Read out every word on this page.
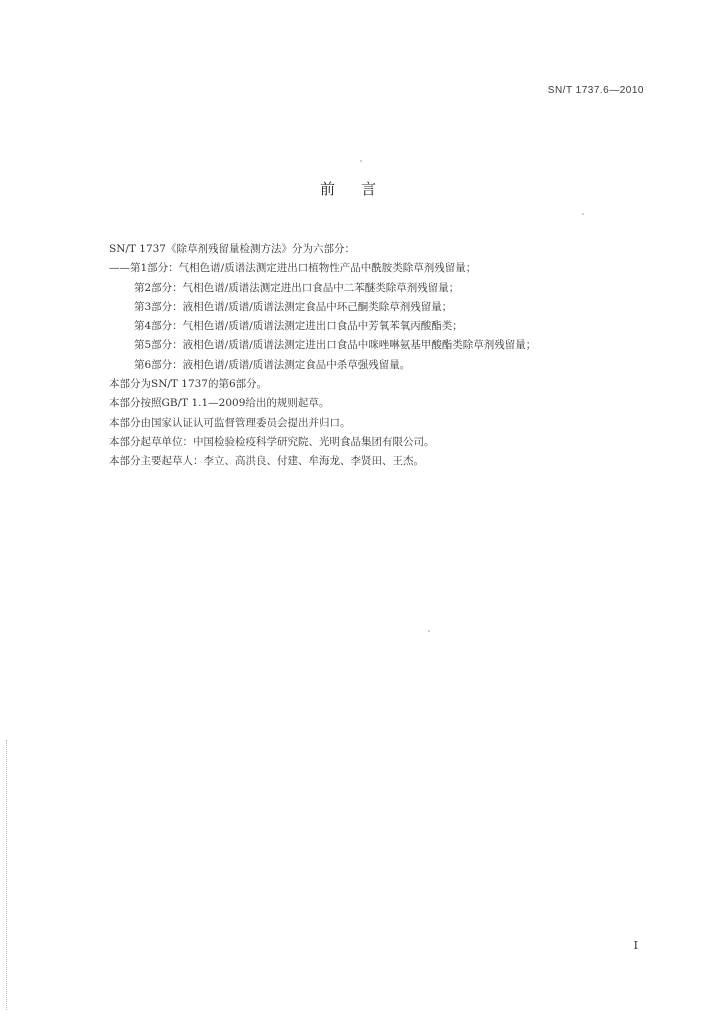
SN/T 1737.6—2010
前言
SN/T 1737《除草剂残留量检测方法》分为六部分：
——第1部分：气相色谱/质谱法测定进出口植物性产品中酰胺类除草剂残留量；
第2部分：气相色谱/质谱法测定进出口食品中二苯醚类除草剂残留量；
第3部分：液相色谱/质谱/质谱法测定食品中环己酮类除草剂残留量；
第4部分：气相色谱/质谱/质谱法测定进出口食品中芳氧苯氧丙酸酯类；
第5部分：液相色谱/质谱/质谱法测定进出口食品中咪唑啉氨基甲酸酯类除草剂残留量；
第6部分：液相色谱/质谱/质谱法测定食品中杀草强残留量。
本部分为SN/T 1737的第6部分。
本部分按照GB/T 1.1—2009给出的规则起草。
本部分由国家认证认可监督管理委员会提出并归口。
本部分起草单位：中国检验检疫科学研究院、光明食品集团有限公司。
本部分主要起草人：李立、高洪良、付建、牟海龙、李贤田、王杰。
I
